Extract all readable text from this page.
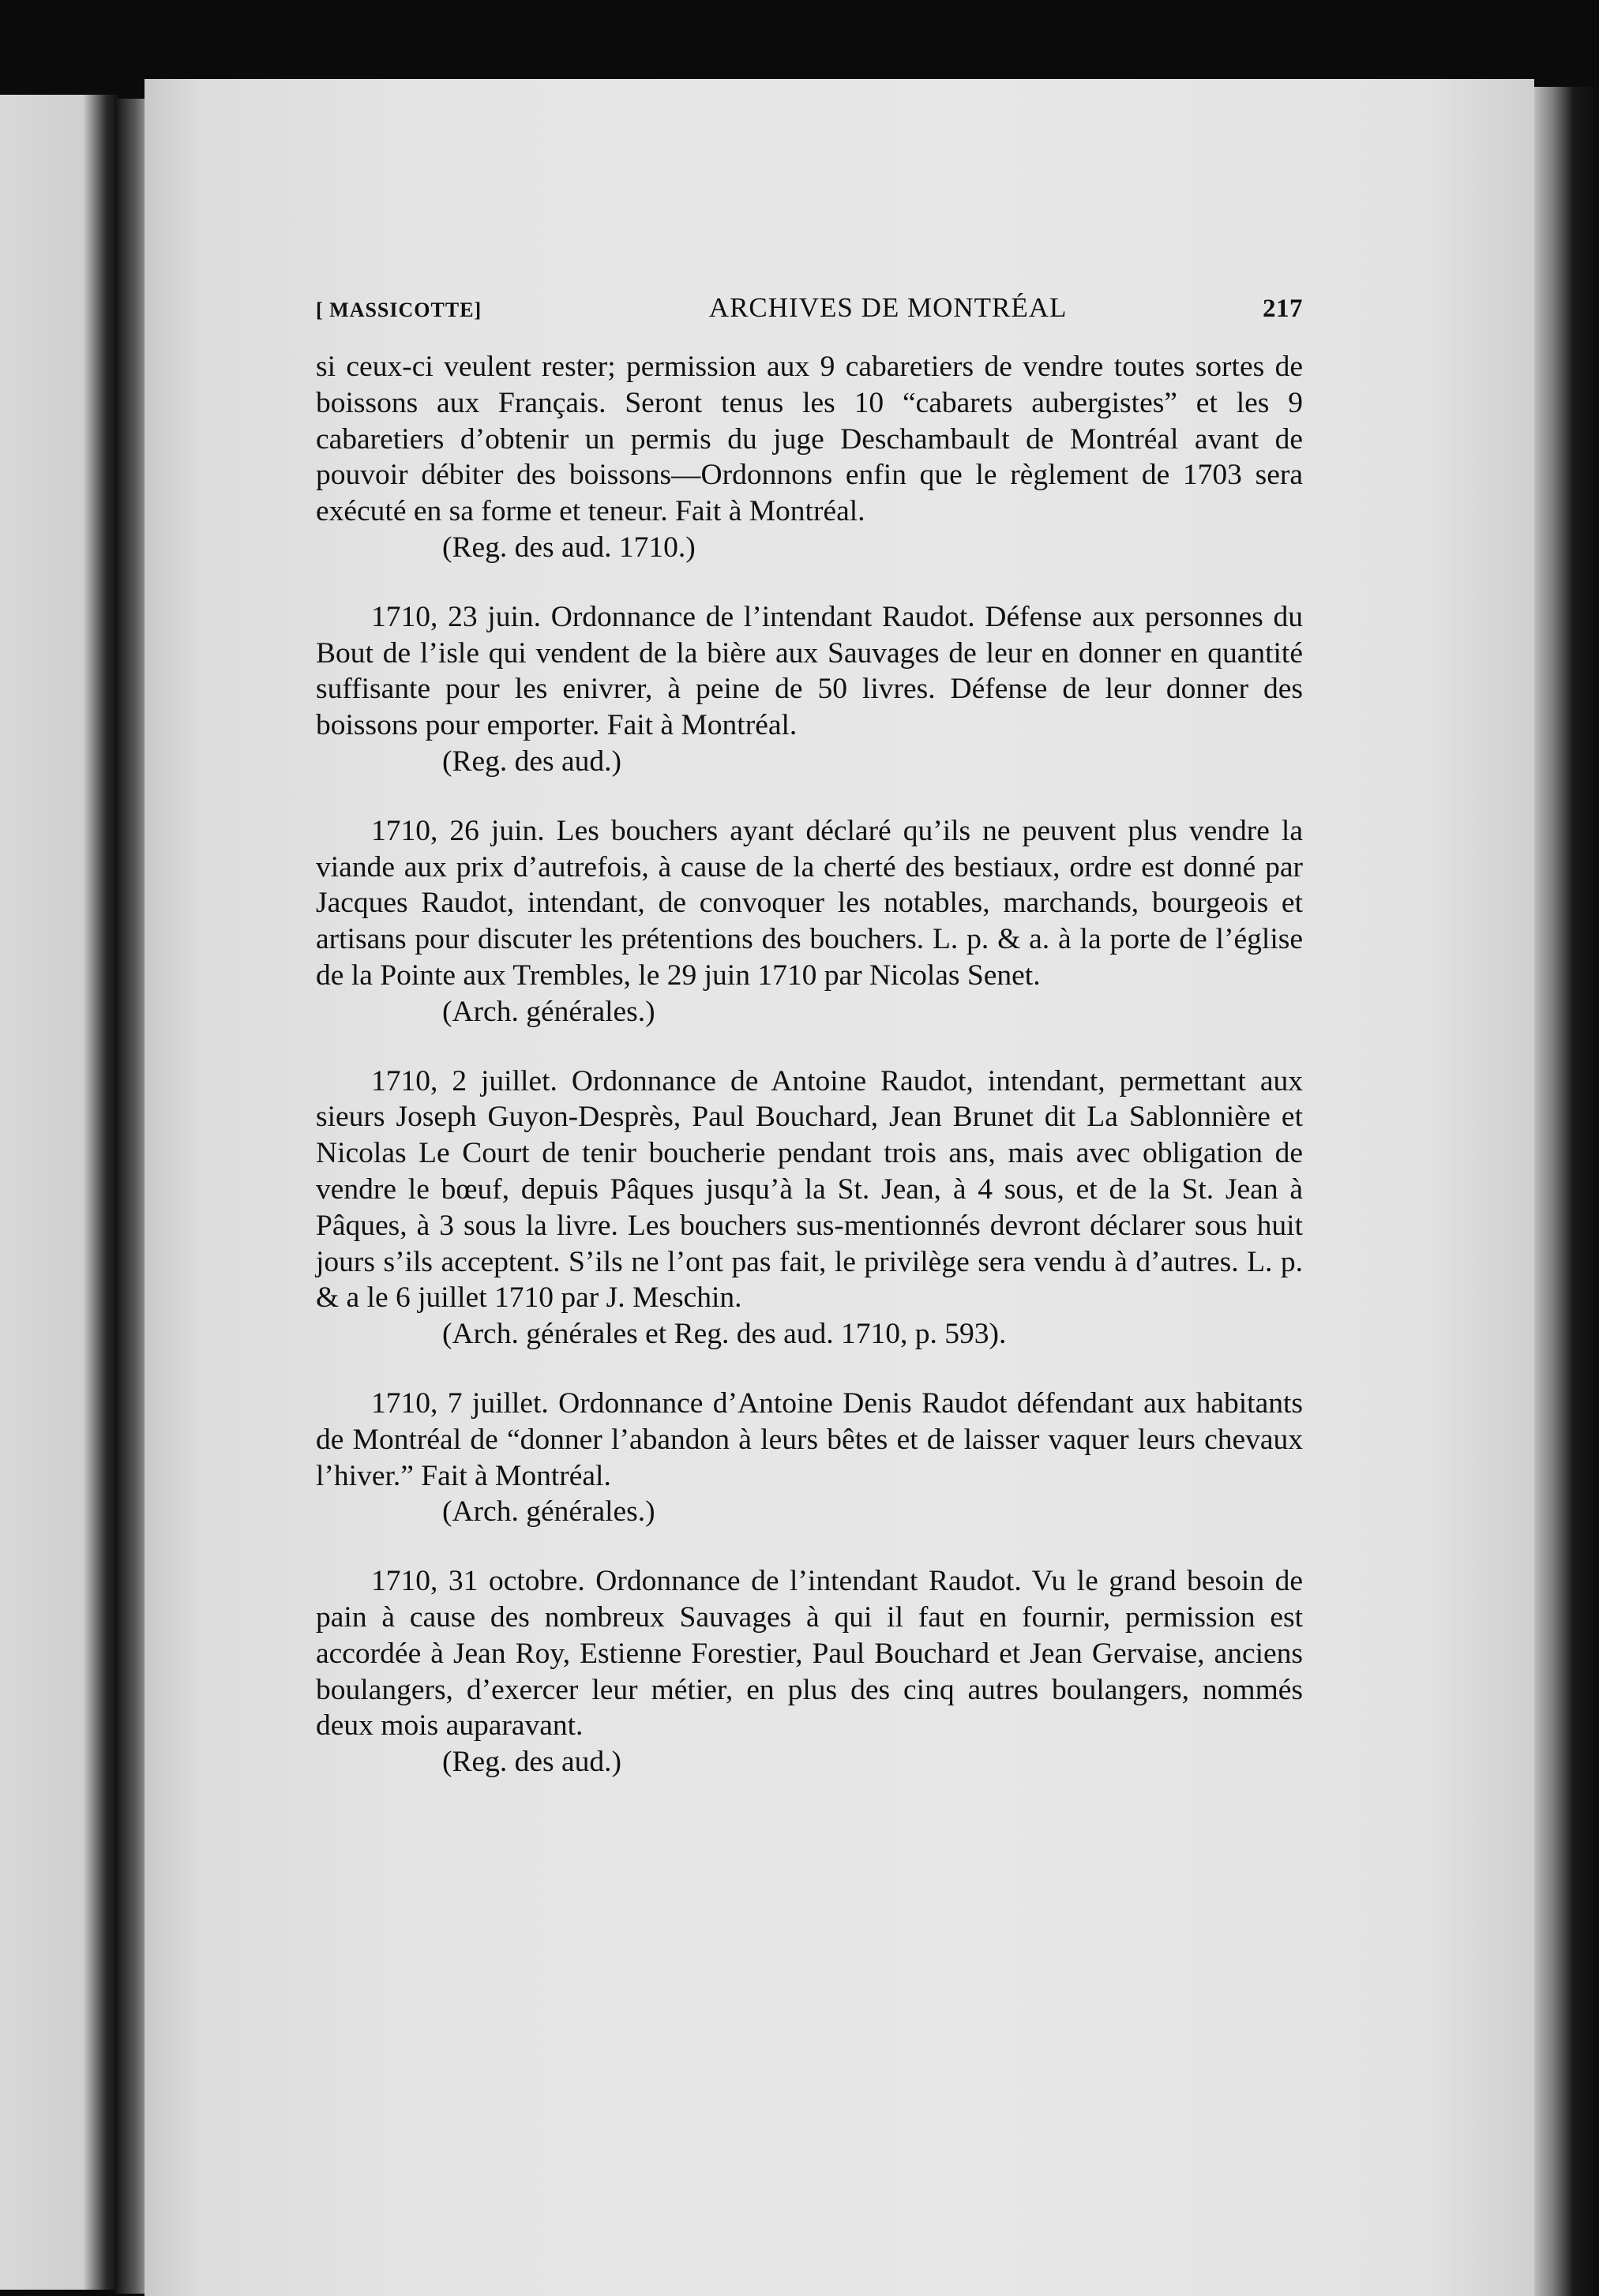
[ MASSICOTTE]	ARCHIVES DE MONTRÉAL	217

si ceux-ci veulent rester; permission aux 9 cabaretiers de vendre toutes sortes de boissons aux Français. Seront tenus les 10 “cabarets aubergistes” et les 9 cabaretiers d’obtenir un permis du juge Deschambault de Montréal avant de pouvoir débiter des boissons—Ordonnons enfin que le règlement de 1703 sera exécuté en sa forme et teneur. Fait à Montréal.

(Reg. des aud. 1710.)

1710, 23 juin. Ordonnance de l’intendant Raudot. Défense aux personnes du Bout de l’isle qui vendent de la bière aux Sauvages de leur en donner en quantité suffisante pour les enivrer, à peine de 50 livres. Défense de leur donner des boissons pour emporter. Fait à Montréal.

(Reg. des aud.)

1710, 26 juin. Les bouchers ayant déclaré qu’ils ne peuvent plus vendre la viande aux prix d’autrefois, à cause de la cherté des bestiaux, ordre est donné par Jacques Raudot, intendant, de convoquer les notables, marchands, bourgeois et artisans pour discuter les prétentions des bouchers. L. p. & a. à la porte de l’église de la Pointe aux Trembles, le 29 juin 1710 par Nicolas Senet.

(Arch. générales.)

1710, 2 juillet. Ordonnance de Antoine Raudot, intendant, permettant aux sieurs Joseph Guyon-Desprès, Paul Bouchard, Jean Brunet dit La Sablonnière et Nicolas Le Court de tenir boucherie pendant trois ans, mais avec obligation de vendre le bœuf, depuis Pâques jusqu’à la St. Jean, à 4 sous, et de la St. Jean à Pâques, à 3 sous la livre. Les bouchers sus-mentionnés devront déclarer sous huit jours s’ils acceptent. S’ils ne l’ont pas fait, le privilège sera vendu à d’autres. L. p. & a le 6 juillet 1710 par J. Meschin.

(Arch. générales et Reg. des aud. 1710, p. 593).

1710, 7 juillet. Ordonnance d’Antoine Denis Raudot défendant aux habitants de Montréal de “donner l’abandon à leurs bêtes et de laisser vaquer leurs chevaux l’hiver.” Fait à Montréal.

(Arch. générales.)

1710, 31 octobre. Ordonnance de l’intendant Raudot. Vu le grand besoin de pain à cause des nombreux Sauvages à qui il faut en fournir, permission est accordée à Jean Roy, Estienne Forestier, Paul Bouchard et Jean Gervaise, anciens boulangers, d’exercer leur métier, en plus des cinq autres boulangers, nommés deux mois auparavant.

(Reg. des aud.)
